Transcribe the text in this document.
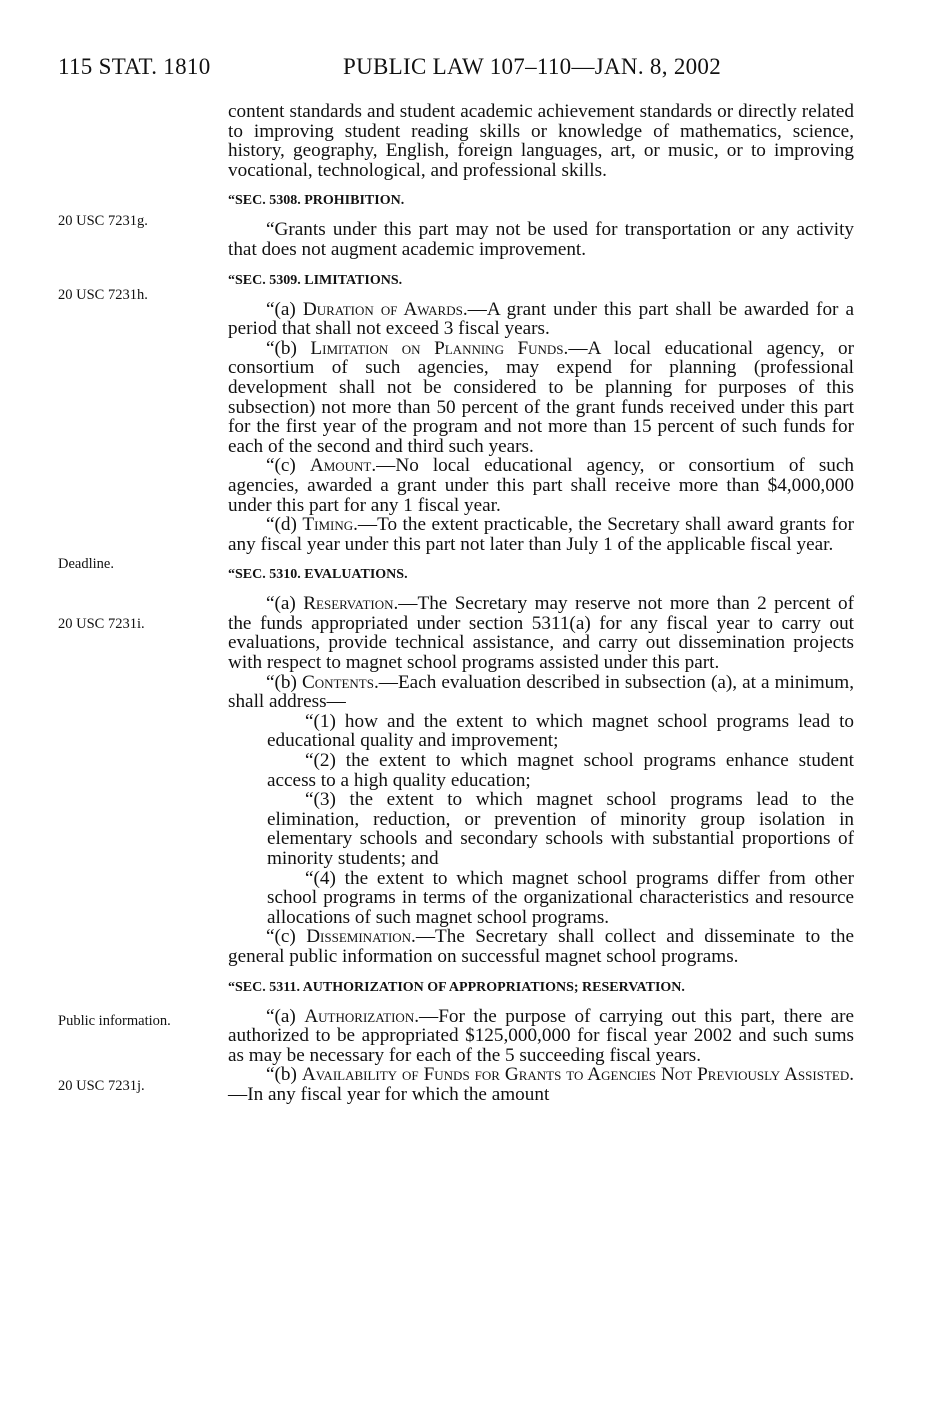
115 STAT. 1810	PUBLIC LAW 107–110—JAN. 8, 2002
20 USC 7231g.
20 USC 7231h.
Deadline.
20 USC 7231i.
Public information.
20 USC 7231j.

content standards and student academic achievement standards or directly related to improving student reading skills or knowledge of mathematics, science, history, geography, English, foreign languages, art, or music, or to improving vocational, technological, and professional skills.

“SEC. 5308. PROHIBITION.

“Grants under this part may not be used for transportation or any activity that does not augment academic improvement.

“SEC. 5309. LIMITATIONS.

“(a) Duration of Awards.—A grant under this part shall be awarded for a period that shall not exceed 3 fiscal years.

“(b) Limitation on Planning Funds.—A local educational agency, or consortium of such agencies, may expend for planning (professional development shall not be considered to be planning for purposes of this subsection) not more than 50 percent of the grant funds received under this part for the first year of the program and not more than 15 percent of such funds for each of the second and third such years.

“(c) Amount.—No local educational agency, or consortium of such agencies, awarded a grant under this part shall receive more than $4,000,000 under this part for any 1 fiscal year.

“(d) Timing.—To the extent practicable, the Secretary shall award grants for any fiscal year under this part not later than July 1 of the applicable fiscal year.

“SEC. 5310. EVALUATIONS.

“(a) Reservation.—The Secretary may reserve not more than 2 percent of the funds appropriated under section 5311(a) for any fiscal year to carry out evaluations, provide technical assistance, and carry out dissemination projects with respect to magnet school programs assisted under this part.

“(b) Contents.—Each evaluation described in subsection (a), at a minimum, shall address—

“(1) how and the extent to which magnet school programs lead to educational quality and improvement;

“(2) the extent to which magnet school programs enhance student access to a high quality education;

“(3) the extent to which magnet school programs lead to the elimination, reduction, or prevention of minority group isolation in elementary schools and secondary schools with substantial proportions of minority students; and

“(4) the extent to which magnet school programs differ from other school programs in terms of the organizational characteristics and resource allocations of such magnet school programs.

“(c) Dissemination.—The Secretary shall collect and disseminate to the general public information on successful magnet school programs.

“SEC. 5311. AUTHORIZATION OF APPROPRIATIONS; RESERVATION.

“(a) Authorization.—For the purpose of carrying out this part, there are authorized to be appropriated $125,000,000 for fiscal year 2002 and such sums as may be necessary for each of the 5 succeeding fiscal years.

“(b) Availability of Funds for Grants to Agencies Not Previously Assisted.—In any fiscal year for which the amount
